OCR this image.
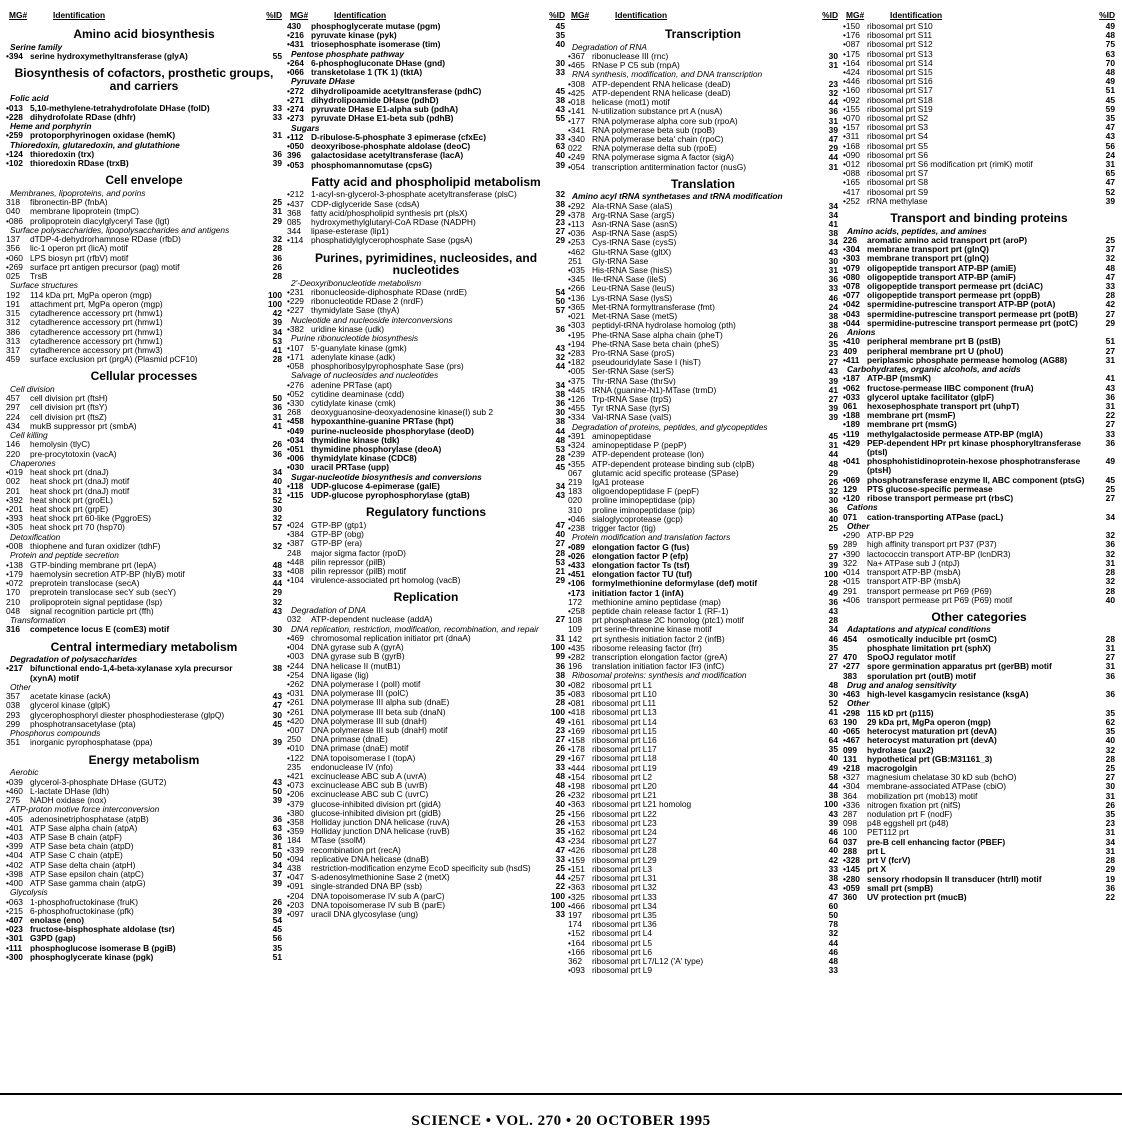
MG#	Identification	%ID
Amino acid biosynthesis
Serine family
•394 serine hydroxymethyltransferase (glyA)	55
Biosynthesis of cofactors, prosthetic groups, and carriers
Folic acid
•013 5,10-methylene-tetrahydrofolate DHase (folD)	33
•228 dihydrofolate RDase (dhfr)	33
Heme and porphyrin
•259 protoporphyrinogen oxidase (hemK)	31
Thioredoxin, glutaredoxin, and glutathione
•124 thioredoxin (trx)	36
•102 thioredoxin RDase (trxB)	39
Cell envelope
Membranes, lipoproteins, and porins
318	fibronectin-BP (fnbA)	25
040	membrane lipoprotein (tmpC)	31
•086 prolipoprotein diacylglyceryl Tase (lgt)	29
Surface polysaccharides, lipopolysaccharides and antigens
137	dTDP-4-dehydrorhamnose RDase (rfbD)	32
356	lic-1 operon prt (licA) motif	28
•060 LPS biosyn prt (rfbV) motif	36
•269 surface prt antigen precursor (pag) motif	26
025	TrsB	28
Surface structures
192	114 kDa prt, MgPa operon (mgp)	100
191	attachment prt, MgPa operon (mgp)	100
315	cytadherence accessory prt (hmw1)	42
312	cytadherence accessory prt (hmw1)	39
386	cytadherence accessory prt (hmw1)	34
313	cytadherence accessory prt (hmw1)	53
317	cytadherence accessory prt (hmw3)	41
459	surface exclusion prt (prgA) (Plasmid pCF10)	28
Cellular processes
Cell division
457	cell division prt (ftsH)	50
297	cell division prt (ftsY)	36
224	cell division prt (ftsZ)	31
434	mukB suppressor prt (smbA)	41
Cell killing
146	hemolysin (tlyC)	26
220	pre-procytotoxin (vacA)	36
Chaperones
•019 heat shock prt (dnaJ)	34
002	heat shock prt (dnaJ) motif	40
201	heat shock prt (dnaJ) motif	31
•392 heat shock prt (groEL)	52
•201 heat shock prt (grpE)	30
•393 heat shock prt 60-like (PggroES)	32
•305 heat shock prt 70 (hsp70)	57
Detoxification
•008 thiophene and furan oxidizer (tdhF)	32
Protein and peptide secretion
•138 GTP-binding membrane prt (lepA)	48
•179 haemolysin secretion ATP-BP (hlyB) motif	33
•072 preprotein translocase (secA)	44
170	preprotein translocase secY sub (secY)	29
210	prolipoprotein signal peptidase (lsp)	32
048	signal recognition particle prt (ffh)	43
Transformation
316	competence locus E (comE3) motif	30
Central intermediary metabolism
Degradation of polysaccharides
•217 bifunctional endo-1,4-beta-xylanase xyla precursor (xynA) motif
38
Other
357	acetate kinase (ackA)	43
038	glycerol kinase (glpK)	47
293	glycerophosphoryl diester phosphodiesterase (glpQ)	30
299	phosphotransacetylase (pta)	45
Phosphorus compounds
351	inorganic pyrophosphatase (ppa)	39
Energy metabolism
Aerobic
•039 glycerol-3-phosphate DHase (GUT2)	43
•460 L-lactate DHase (ldh)	50
275	NADH oxidase (nox)	39
ATP-proton motive force interconversion
•405 adenosinetriphosphatase (atpB)	36
•401 ATP Sase alpha chain (atpA)	63
•403 ATP Sase B chain (atpF)	36
•399 ATP Sase beta chain (atpD)	81
•404 ATP Sase C chain (atpE)	50
•402 ATP Sase delta chain (atpH)	34
•398 ATP Sase epsilon chain (atpC)	37
•400 ATP Sase gamma chain (atpG)	39
Glycolysis
•063 1-phosphofructokinase (fruK)	26
•215 6-phosphofructokinase (pfk)	39
•407 enolase (eno)	54
•023 fructose-bisphosphate aldolase (tsr)	45
•301 G3PD (gap)	56
•111 phosphoglucose isomerase B (pgiB)	35
•300 phosphoglycerate kinase (pgk)	51
MG#	Identification	%ID
430	phosphoglycerate mutase (pgm)	45
•216 pyruvate kinase (pyk)	35
•431 triosephosphate isomerase (tim)	40
Pentose phosphate pathway
•264 6-phosphogluconate DHase (gnd)	30
•066 transketolase 1 (TK 1) (tktA)	33
Pyruvate DHase
•272 dihydrolipoamide acetyltransferase (pdhC)	45
•271 dihydrolipoamide DHase (pdhD)	38
•274 pyruvate DHase E1-alpha sub (pdhA)	43
•273 pyruvate DHase E1-beta sub (pdhB)	55
Sugars
•112 D-ribulose-5-phosphate 3 epimerase (cfxEc)	33
•050 deoxyribose-phosphate aldolase (deoC)	63
396	galactosidase acetyltransferase (lacA)	40
•053 phosphomannomutase (cpsG)	39
Fatty acid and phospholipid metabolism
•212 1-acyl-sn-glycerol-3-phosphate acetyltransferase (plsC)	32
•437 CDP-diglyceride Sase (cdsA)	38
368	fatty acid/phospholipid synthesis prt (plsX)	29
085	hydroxymethylglutaryl-CoA RDase (NADPH)	23
344	lipase-esterase (lip1)	27
•114 phosphatidylglycerophosphate Sase (pgsA)	29
Purines, pyrimidines, nucleosides, and nucleotides
2'-Deoxyribonucleotide metabolism
•231 ribonucleoside-diphosphate RDase (nrdE)	54
•229 ribonucleotide RDase 2 (nrdF)	50
•227 thymidylate Sase (thyA)	57
Nucleotide and nucleoside interconversions
•382 uridine kinase (udk)	36
Purine ribonucleotide biosynthesis
•107 5'-guanylate kinase (gmk)	43
•171 adenylate kinase (adk)	32
•058 phosphoribosylpyrophosphate Sase (prs)	44
Salvage of nucleosides and nucleotides
•276 adenine PRTase (apt)	34
•052 cytidine deaminase (cdd)	38
•330 cytidylate kinase (cmk)	36
268	deoxyguanosine-deoxyadenosine kinase(I) sub 2	30
•458 hypoxanthine-guanine PRTase (hpt)	38
•049 purine-nucleoside phosphorylase (deoD)	44
•034 thymidine kinase (tdk)	48
•051 thymidine phosphorylase (deoA)	53
•006 thymidylate kinase (CDC8)	28
•030 uracil PRTase (upp)	45
Sugar-nucleotide biosynthesis and conversions
•118 UDP-glucose 4-epimerase (galE)	34
•115 UDP-glucose pyrophosphorylase (gtaB)	43
Regulatory functions
•024 GTP-BP (gtp1)	47
•384 GTP-BP (obg)	40
•387 GTP-BP (era)	27
248	major sigma factor (rpoD)	28
•448 pilin repressor (pilB)	53
•408 pilin repressor (pilB) motif	21
•104 virulence-associated prt homolog (vacB)	29
Replication
Degradation of DNA
032	ATP-dependent nuclease (addA)	27
DNA replication, restriction, modification, recombination, and repair
•469 chromosomal replication initiator prt (dnaA)	31
•004 DNA gyrase sub A (gyrA)	100
•003 DNA gyrase sub B (gyrB)	99
•244 DNA helicase II (mutB1)	36
•254 DNA ligase (lig)	38
•262 DNA polymerase I (polI) motif	30
•031 DNA polymerase III (polC)	35
•261 DNA polymerase III alpha sub (dnaE)	28
•261 DNA polymerase III beta sub (dnaN)	100
•420 DNA polymerase III sub (dnaH)	49
•007 DNA polymerase III sub (dnaH) motif	23
250	DNA primase (dnaE)	27
•010 DNA primase (dnaE) motif	26
•122 DNA topoisomerase I (topA)	29
235	endonuclease IV (nfo)	33
•421 excinuclease ABC sub A (uvrA)	48
•073 excinuclease ABC sub B (uvrB)	48
•206 excinuclease ABC sub C (uvrC)	26
•379 glucose-inhibited division prt (gidA)	40
•380 glucose-inhibited division prt (gidB)	25
•358 Holliday junction DNA helicase (ruvA)	26
•359 Holliday junction DNA helicase (ruvB)	35
184	MTase (ssolM)	43
•339 recombination prt (recA)	47
•094 replicative DNA helicase (dnaB)	33
438	restriction-modification enzyme EcoD specificity sub (hsdS)	25
•047 S-adenosylmethionine Sase 2 (metX)	44
•091 single-stranded DNA BP (ssb)	22
•204 DNA topoisomerase IV sub A (parC)	100
•203 DNA topoisomerase IV sub B (parE)	100
•097 uracil DNA glycosylase (ung)	33
MG#	Identification	%ID
Transcription
Degradation of RNA
•367 ribonuclease III (rnc)	30
•465 RNase P C5 sub (rnpA)	31
RNA synthesis, modification, and DNA transcription
•308 ATP-dependent RNA helicase (deaD)	23
•425 ATP-dependent RNA helicase (deaD)	32
•018 helicase (mot1) motif	44
•141 N-utilization substance prt A (nusA)	36
•177 RNA polymerase alpha core sub (rpoA)	31
•341 RNA polymerase beta sub (rpoB)	39
•340 RNA polymerase beta' chain (rpoC)	47
022	RNA polymerase delta sub (rpoE)	29
•249 RNA polymerase sigma A factor (sigA)	44
•054 transcription antitermination factor (nusG)	31
Translation
Amino acyl tRNA synthetases and tRNA modification
•292 Ala-tRNA Sase (alaS)	34
•378 Arg-tRNA Sase (argS)	34
•113 Asn-tRNA Sase (asnS)	41
•036 Asp-tRNA Sase (aspS)	38
•253 Cys-tRNA Sase (cysS)	34
•462 Glu-tRNA Sase (gltX)	43
251	Gly-tRNA Sase	30
•035 His-tRNA Sase (hisS)	31
•345 Ile-tRNA Sase (ileS)	36
•266 Leu-tRNA Sase (leuS)	33
•136 Lys-tRNA Sase (lysS)	46
•365 Met-tRNA formyltransferase (fmt)	24
•021 Met-tRNA Sase (metS)	38
•303 peptidyl-tRNA hydrolase homolog (pth)	38
•195 Phe-tRNA Sase alpha chain (pheT)	26
•194 Phe-tRNA Sase beta chain (pheS)	35
•283 Pro-tRNA Sase (proS)	23
•182 pseudouridylate Sase I (hisT)	27
•005 Ser-tRNA Sase (serS)	43
•375 Thr-tRNA Sase (thrSv)	39
•445 tRNA (guanine-N1)-MTase (trmD)	41
•126 Trp-tRNA Sase (trpS)	27
•455 Tyr tRNA Sase (tyrS)	39
•334 Val-tRNA Sase (valS)	39
Degradation of proteins, peptides, and glycopeptides
•391 aminopeptidase	45
•324 aminopeptidase P (pepP)	31
•239 ATP-dependent protease (lon)	44
•355 ATP-dependent protease binding sub (clpB)	48
067	glutamic acid specific protease (SPase)	29
219	IgA1 protease	26
183	oligoendopeptidase F (pepF)	32
020	proline iminopeptidase (pip)	30
310	proline iminopeptidase (pip)	36
•046 sialoglycoprotease (gcp)	40
•238 trigger factor (tig)	25
Protein modification and translation factors
•089 elongation factor G (fus)	59
•026 elongation factor P (efp)	27
•433 elongation factor Ts (tsf)	39
•451 elongation factor TU (tuf)	100
•106 formylmethionine deformylase (def) motif	28
•173 initiation factor 1 (infA)	49
172	methionine amino peptidase (map)	36
•258 peptide chain release factor 1 (RF-1)	43
108	prt phosphatase 2C homolog (ptc1) motif	28
109	prt serine-threonine kinase motif	34
142	prt synthesis initiation factor 2 (infB)	46
•435 ribosome releasing factor (frr)	35
•282 transcription elongation factor (greA)	27
196	translation initiation factor IF3 (infC)	27
Ribosomal proteins: synthesis and modification
•082 ribosomal prt L1	48
•083 ribosomal prt L10	30
•081 ribosomal prt L11	52
•418 ribosomal prt L13	41
•161 ribosomal prt L14	63
•169 ribosomal prt L15	40
•158 ribosomal prt L16	64
•178 ribosomal prt L17	35
•167 ribosomal prt L18	40
•444 ribosomal prt L19	49
•154 ribosomal prt L2	58
•198 ribosomal prt L20	44
•232 ribosomal prt L21	38
•363 ribosomal prt L21 homolog	100
•156 ribosomal prt L22	43
•153 ribosomal prt L23	39
•162 ribosomal prt L24	46
•234 ribosomal prt L27	64
•426 ribosomal prt L28	40
•159 ribosomal prt L29	42
•151 ribosomal prt L3	33
•257 ribosomal prt L31	38
•363 ribosomal prt L32	43
•325 ribosomal prt L33	47
•466 ribosomal prt L34	60
197	ribosomal prt L35	50
174	ribosomal prt L36	78
•152 ribosomal prt L4	32
•164 ribosomal prt L5	44
•166 ribosomal prt L6	46
362	ribosomal prt L7/L12 ('A' type)	48
•093 ribosomal prt L9	33
MG#	Identification	%ID
•150 ribosomal prt S10	49
•176 ribosomal prt S11	48
•087 ribosomal prt S12	75
•175 ribosomal prt S13	63
•164 ribosomal prt S14	70
•424 ribosomal prt S15	48
•446 ribosomal prt S16	49
•160 ribosomal prt S17	51
•092 ribosomal prt S18	45
•155 ribosomal prt S19	59
•070 ribosomal prt S2	35
•157 ribosomal prt S3	47
•311 ribosomal prt S4	43
•168 ribosomal prt S5	56
•090 ribosomal prt S6	24
•012 ribosomal prt S6 modification prt (rimK) motif	31
•088 ribosomal prt S7	65
•165 ribosomal prt S8	47
•417 ribosomal prt S9	52
•252 rRNA methylase	39
Transport and binding proteins
Amino acids, peptides, and amines
226	aromatic amino acid transport prt (aroP)	25
•304 membrane transport prt (glnQ)	37
•303 membrane transport prt (glnQ)	32
•079 oligopeptide transport ATP-BP (amiE)	48
•080 oligopeptide transport ATP-BP (amiF)	47
•078 oligopeptide transport permease prt (dciAC)	33
•077 oligopeptide transport permease prt (oppB)	28
•042 spermidine-putrescine transport ATP-BP (potA)	42
•043 spermidine-putrescine transport permease prt (potB)	27
•044 spermidine-putrescine transport permease prt (potC)	29
Anions
•410 peripheral membrane prt B (pstB)	51
409	peripheral membrane prt U (phoU)	27
•411 periplasmic phosphate permease homolog (AG88)	31
Carbohydrates, organic alcohols, and acids
•187 ATP-BP (msmK)	41
•062 fructose-permease IIBC component (fruA)	43
•033 glycerol uptake facilitator (glpF)	36
061	hexosephosphate transport prt (uhpT)	31
•188 membrane prt (msmF)	22
•189 membrane prt (msmG)	27
•119 methylgalactoside permease ATP-BP (mglA)	33
•429 PEP-dependent HPr prt kinase phosphoryltransferase (ptsI)
36
•041 phosphohistidinoprotein-hexose phosphotransferase (ptsH)
49
•069 phosphotransferase enzyme II, ABC component (ptsG)	45
129	PTS glucose-specific permease	25
•120 ribose transport permease prt (rbsC)	27
Cations
071	cation-transporting ATPase (pacL)	34
Other
•290 ATP-BP P29	32
289	high affinity transport prt P37 (P37)	36
•390 lactococcin transport ATP-BP (lcnDR3)	32
322	Na+ ATPase sub J (ntpJ)	31
•014 transport ATP-BP (msbA)	28
•015 transport ATP-BP (msbA)	32
291	transport permease prt P69 (P69)	28
•406 transport permease prt P69 (P69) motif	40
Other categories
Adaptations and atypical conditions
454	osmotically inducible prt (osmC)	28
phosphate limitation prt (sphX)	31
470	SpoOJ regulator motif	27
•277 spore germination apparatus prt (gerBB) motif	31
383	sporulation prt (outB) motif	36
Drug and analog sensitivity
•463 high-level kasgamycin resistance (ksgA)	36
Other
•298 115 kD prt (p115)	35
190	29 kDa prt, MgPa operon (mgp)	62
•065 heterocyst maturation prt (devA)	35
•467 heterocyst maturation prt (devA)	40
099	hydrolase (aux2)	32
131	hypothetical prt (GB:M31161_3)	28
•218 macrogolgin	25
•327 magnesium chelatase 30 kD sub (bchO)	27
•304 membrane-associated ATPase (cbiO)	30
364	mobilization prt (mob13) motif	31
•336 nitrogen fixation prt (nifS)	26
287	nodulation prt F (nodF)	35
098	p48 eggshell prt (p48)	23
100	PET112 prt	31
037	pre-B cell enhancing factor (PBEF)	34
288	prt L	31
•328 prt V (fcrV)	28
•145 prt X	29
•280 sensory rhodopsin II transducer (htrII) motif	19
•059 small prt (smpB)	36
360	UV protection prt (mucB)	22
SCIENCE • VOL. 270 • 20 OCTOBER 1995
